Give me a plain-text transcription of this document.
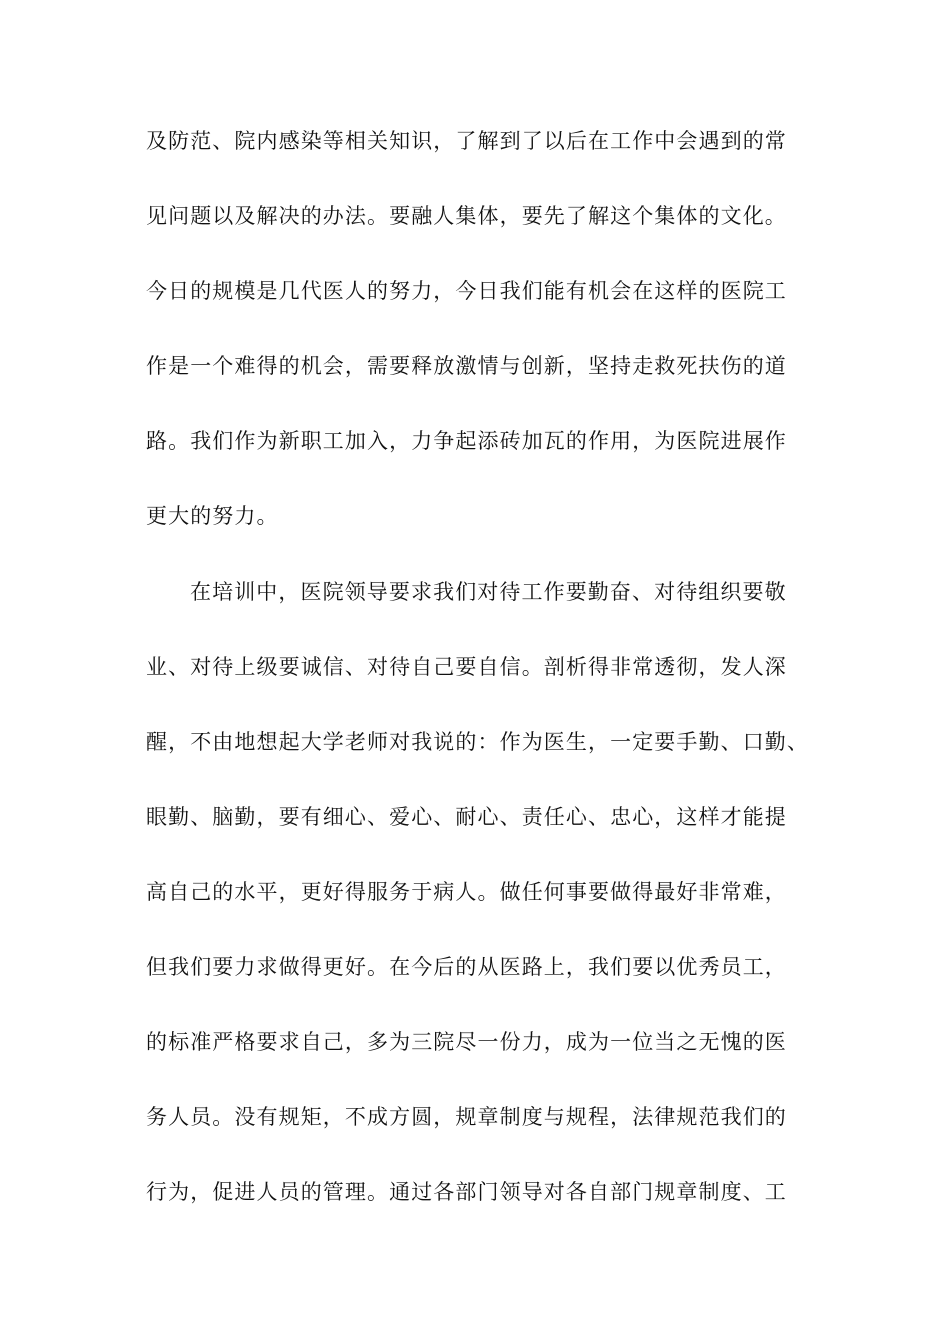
及防范、院内感染等相关知识，了解到了以后在工作中会遇到的常
见问题以及解决的办法。要融人集体，要先了解这个集体的文化。
今日的规模是几代医人的努力，今日我们能有机会在这样的医院工
作是一个难得的机会，需要释放激情与创新，坚持走救死扶伤的道
路。我们作为新职工加入，力争起添砖加瓦的作用，为医院进展作
更大的努力。
在培训中，医院领导要求我们对待工作要勤奋、对待组织要敬
业、对待上级要诚信、对待自己要自信。剖析得非常透彻，发人深
醒，不由地想起大学老师对我说的：作为医生，一定要手勤、口勤、
眼勤、脑勤，要有细心、爱心、耐心、责任心、忠心，这样才能提
高自己的水平，更好得服务于病人。做任何事要做得最好非常难，
但我们要力求做得更好。在今后的从医路上，我们要以优秀员工，
的标准严格要求自己，多为三院尽一份力，成为一位当之无愧的医
务人员。没有规矩，不成方圆，规章制度与规程，法律规范我们的
行为，促进人员的管理。通过各部门领导对各自部门规章制度、工
